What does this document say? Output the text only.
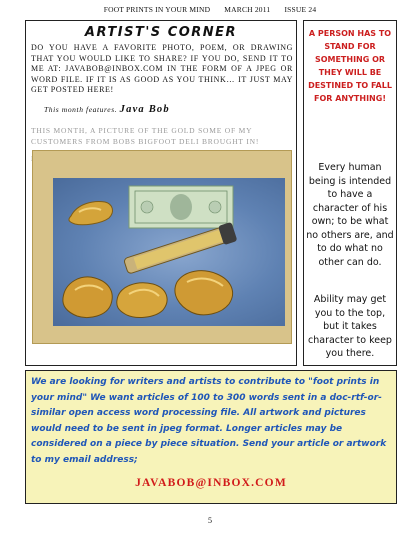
FOOT PRINTS IN YOUR MIND MARCH 2011 ISSUE 24
ARTIST'S CORNER
DO YOU HAVE A FAVORITE PHOTO, POEM, OR DRAWING THAT YOU WOULD LIKE TO SHARE? IF YOU DO, SEND IT TO ME AT: JAVABOB@INBOX.COM IN THE FORM OF A JPEG OR WORD FILE. IF IT IS AS GOOD AS YOU THINK… IT JUST MAY GET POSTED HERE!
This month features. Java Bob
THIS MONTH, A PICTURE OF THE GOLD SOME OF MY CUSTOMERS FROM BOBS BIGFOOT DELI BROUGHT IN!
A PERSON HAS TO STAND FOR SOMETHING OR THEY WILL BE DESTINED TO FALL FOR ANYTHING!
Every human being is intended to have a character of his own; to be what no others are, and to do what no other can do.
Ability may get you to the top, but it takes character to keep you there.
We are looking for writers and artists to contribute to "foot prints in your mind" We want articles of 100 to 300 words sent in a doc-rtf-or-similar open access word processing file. All artwork and pictures would need to be sent in jpeg format. Longer articles may be considered on a piece by piece situation. Send your article or artwork to my email address;
JAVABOB@INBOX.COM
5
